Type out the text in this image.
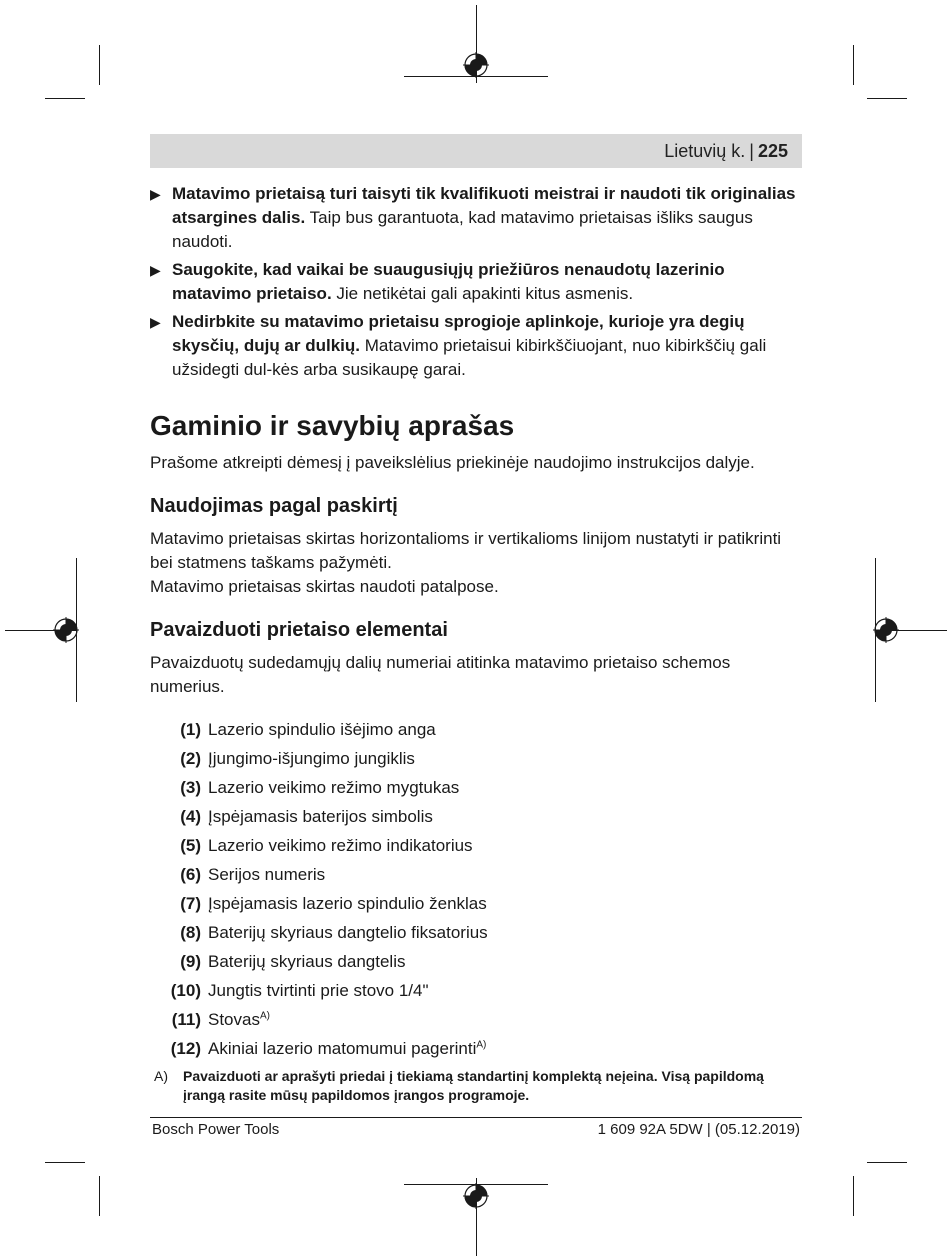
Lietuvių k. | 225
▶ Matavimo prietaisą turi taisyti tik kvalifikuoti meistrai ir naudoti tik originalias atsargines dalis. Taip bus garantuota, kad matavimo prietaisas išliks saugus naudoti.
▶ Saugokite, kad vaikai be suaugusiųjų priežiūros nenaudotų lazerinio matavimo prietaiso. Jie netikėtai gali apakinti kitus asmenis.
▶ Nedirbkite su matavimo prietaisu sprogioje aplinkoje, kurioje yra degių skysčių, dujų ar dulkių. Matavimo prietaisui kibirkščiuojant, nuo kibirkščių gali užsidegti dul-kės arba susikaupę garai.
Gaminio ir savybių aprašas

Prašome atkreipti dėmesį į paveikslėlius priekinėje naudojimo instrukcijos dalyje.

Naudojimas pagal paskirtį

Matavimo prietaisas skirtas horizontalioms ir vertikalioms linijom nustatyti ir patikrinti bei statmens taškams pažymėti.

Matavimo prietaisas skirtas naudoti patalpose.

Pavaizduoti prietaiso elementai

Pavaizduotų sudedamųjų dalių numeriai atitinka matavimo prietaiso schemos numerius.

(1) Lazerio spindulio išėjimo anga
(2) Įjungimo-išjungimo jungiklis
(3) Lazerio veikimo režimo mygtukas
(4) Įspėjamasis baterijos simbolis
(5) Lazerio veikimo režimo indikatorius
(6) Serijos numeris
(7) Įspėjamasis lazerio spindulio ženklas
(8) Baterijų skyriaus dangtelio fiksatorius
(9) Baterijų skyriaus dangtelis
(10) Jungtis tvirtinti prie stovo 1/4"
(11) Stovas$^{A)}$
(12) Akiniai lazerio matomumui pagerinti$^{A)}$
A) Pavaizduoti ar aprašyti priedai į tiekiamą standartinį komplektą neįeina. Visą papildomą įrangą rasite mūsų papildomos įrangos programoje.
Bosch Power Tools	1 609 92A 5DW | (05.12.2019)
